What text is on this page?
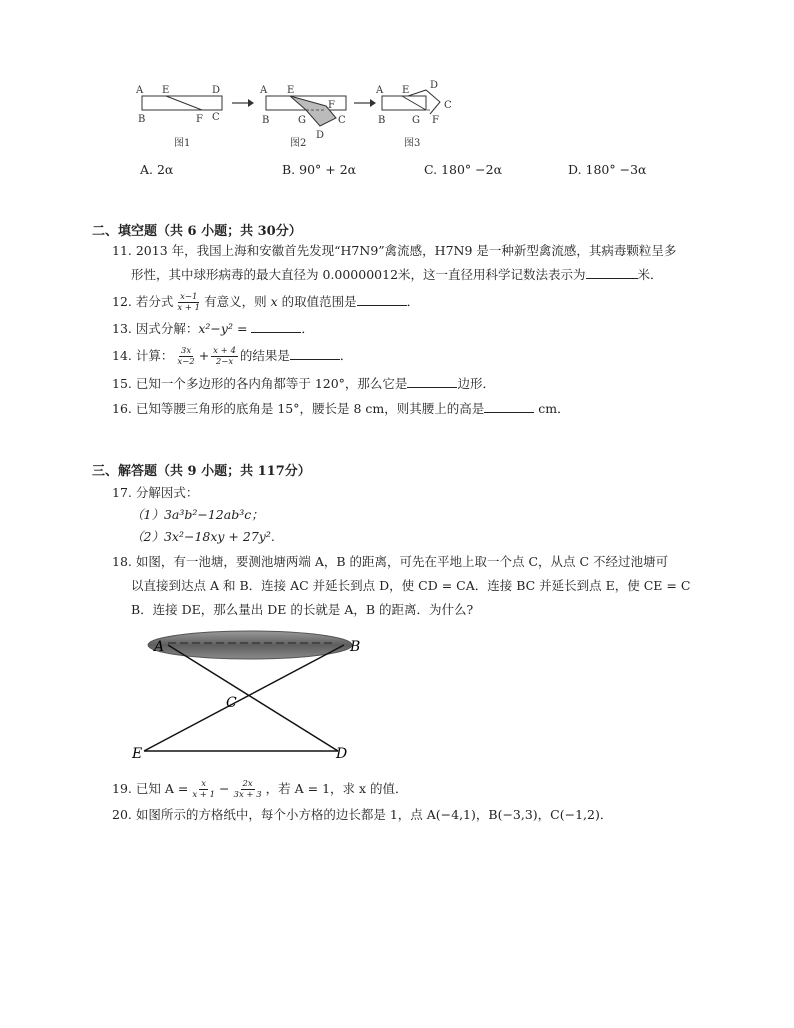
A E	D
B	F C
图1
A E
F
B	G
D
C
图2
A E D
C
B	G F
图3
A. 2α	B. 90° + 2α	C. 180° −2α	D. 180° −3α
二、填空题（共 6 小题；共 30分）
11. 2013 年，我国上海和安徽首先发现“H7N9”禽流感，H7N9 是一种新型禽流感，其病毒颗粒呈多
形性，其中球形病毒的最大直径为 0.00000012米，这一直径用科学记数法表示为	米．
12. 若分式 $\frac{x-1}{x + 1}$ 有意义，则 x 的取值范围是	．
13. 因式分解：x²−y² =	．
14. 计算： $\frac{3x}{x-2} + \frac{x + 4}{2-x}$ 的结果是	．
15. 已知一个多边形的各内角都等于 120°，那么它是	边形．
16. 已知等腰三角形的底角是 15°，腰长是 8 cm，则其腰上的高是	cm．
三、解答题（共 9 小题；共 117分）
17. 分解因式：
（1）3a³b²−12ab³c；
（2）3x²−18xy + 27y².
18. 如图，有一池塘，要测池塘两端 A，B 的距离，可先在平地上取一个点 C，从点 C 不经过池塘可
以直接到达点 A 和 B．连接 AC 并延长到点 D，使 CD = CA．连接 BC 并延长到点 E，使 CE = C
B．连接 DE，那么量出 DE 的长就是 A，B 的距离．为什么?
A	B
C
E	D
19. 已知 $A = \frac{x}{x + 1} - \frac{2x}{3x + 3}$ ，若 A = 1，求 x 的值．
20. 如图所示的方格纸中，每个小方格的边长都是 1，点 A(−4,1)，B(−3,3)，C(−1,2)．
